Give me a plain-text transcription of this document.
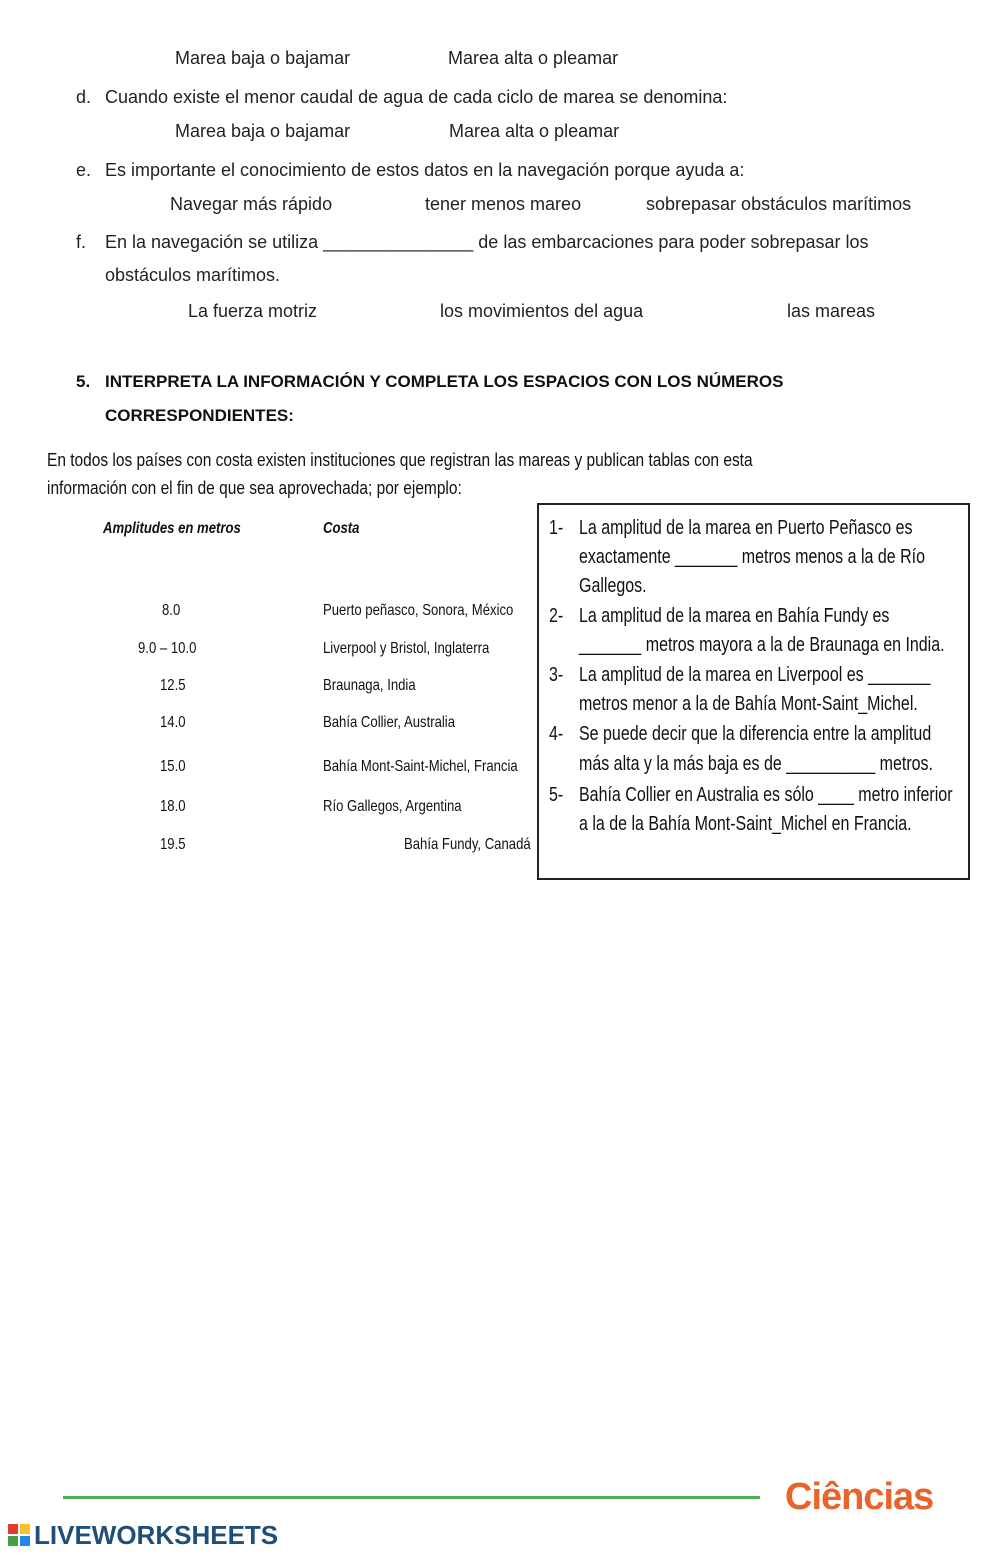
Marea baja o bajamar	Marea alta o pleamar
d. Cuando existe el menor caudal de agua de cada ciclo de marea se denomina:
Marea baja o bajamar	Marea alta o pleamar
e. Es importante el conocimiento de estos datos en la navegación porque ayuda a:
Navegar más rápido	tener menos mareo	sobrepasar obstáculos marítimos
f. En la navegación se utiliza _______________ de las embarcaciones para poder sobrepasar los
obstáculos marítimos.
La fuerza motriz	los movimientos del agua	las mareas
5. INTERPRETA LA INFORMACIÓN Y COMPLETA LOS ESPACIOS CON LOS NÚMEROS
CORRESPONDIENTES:
En todos los países con costa existen instituciones que registran las mareas y publican tablas con esta
información con el fin de que sea aprovechada; por ejemplo:
Amplitudes en metros	Costa
8.0	Puerto peñasco, Sonora, México
9.0 – 10.0	Liverpool y Bristol, Inglaterra
12.5	Braunaga, India
14.0	Bahía Collier, Australia
15.0	Bahía Mont-Saint-Michel, Francia
18.0	Río Gallegos, Argentina
19.5	Bahía Fundy, Canadá
1- La amplitud de la marea en Puerto Peñasco es
exactamente _______ metros menos a la de Río
Gallegos.
2- La amplitud de la marea en Bahía Fundy es
_______ metros mayora a la de Braunaga en India.
3- La amplitud de la marea en Liverpool es _______
metros menor a la de Bahía Mont-Saint_Michel.
4- Se puede decir que la diferencia entre la amplitud
más alta y la más baja es de __________ metros.
5- Bahía Collier en Australia es sólo ____ metro inferior
a la de la Bahía Mont-Saint_Michel en Francia.
Ciências
LIVEWORKSHEETS
